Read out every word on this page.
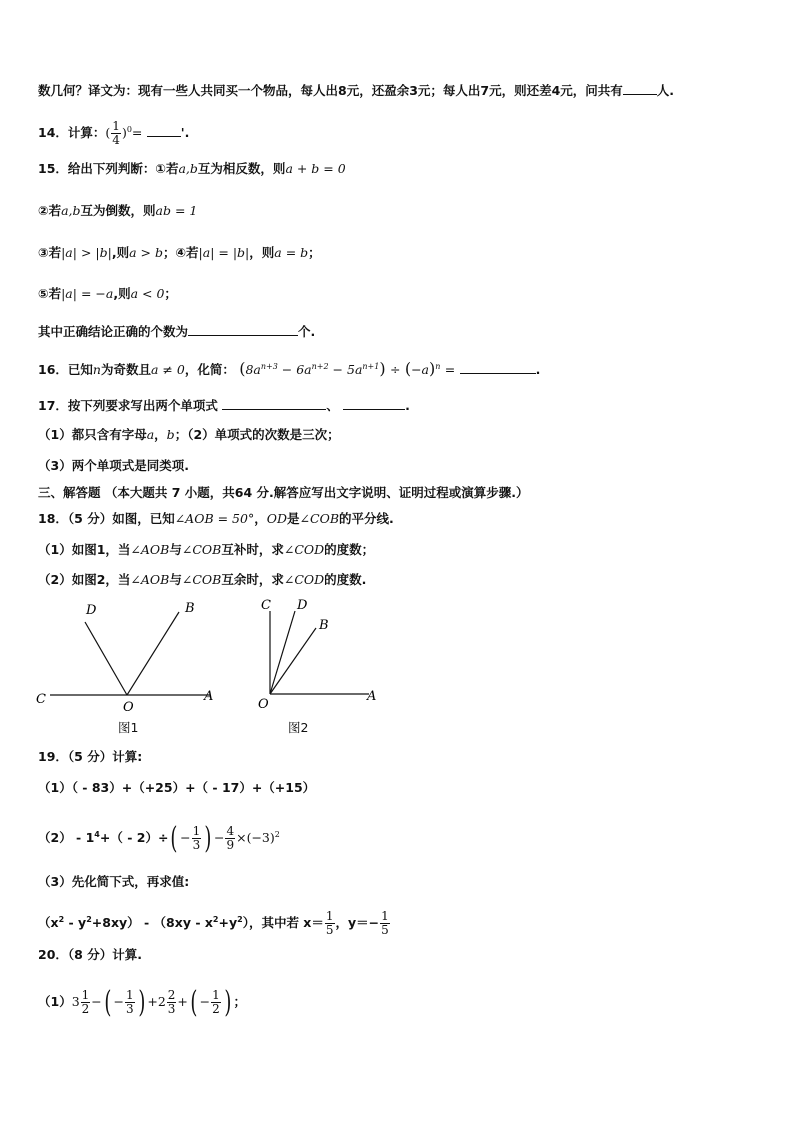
数几何？译文为：现有一些人共同买一个物品，每人出8元，还盈余3元；每人出7元，则还差4元，问共有	人.
14．计算：( $\frac{1}{4} )^0=$	'.
15．给出下列判断：①若a,b互为相反数，则a + b = 0
②若a,b互为倒数，则ab = 1
③若|a| > |b|,则a > b；④若|a| = |b|，则a = b；
⑤若|a| = −a,则a < 0；
其中正确结论正确的个数为	个.
16．已知n为奇数且a ≠ 0，化简： $(8a^{n+3} - 6a^{n+2} - 5a^{n+1}) \div (-a)^n$ =	.
17．按下列要求写出两个单项式	、	.
（1）都只含有字母a，b；（2）单项式的次数是三次；
（3）两个单项式是同类项.
三、解答题 （本大题共 7 小题，共64 分.解答应写出文字说明、证明过程或演算步骤.）
18．（5 分）如图，已知∠AOB = 50°，OD是∠COB的平分线.
（1）如图1，当∠AOB与∠COB互补时，求∠COD的度数；
（2）如图2，当∠AOB与∠COB互余时，求∠COD的度数.
D	B
C
O
A
图1
C D
B
O
A
图2
19．（5 分）计算:
（1）（ - 83）+（+25）+（ - 17）+（+15）
$(2) - 1^4+( - 2)\div( - \frac{1}{3}$ ) − $\frac{4}{9} \times(-3)^2$
（3）先化简下式，再求值:
$(x^2 - y^2+8xy) - (8xy - x^2+y^2)$，其中若 $x= \frac{1}{5}$ ，$y=- \frac{1}{5}$
20．（8 分）计算.
$(1)3 \frac{1}{2}$ −( − $\frac{1}{3}$ ) $+2 \frac{2}{3}$ +( − $\frac{1}{2}$ ) ；
